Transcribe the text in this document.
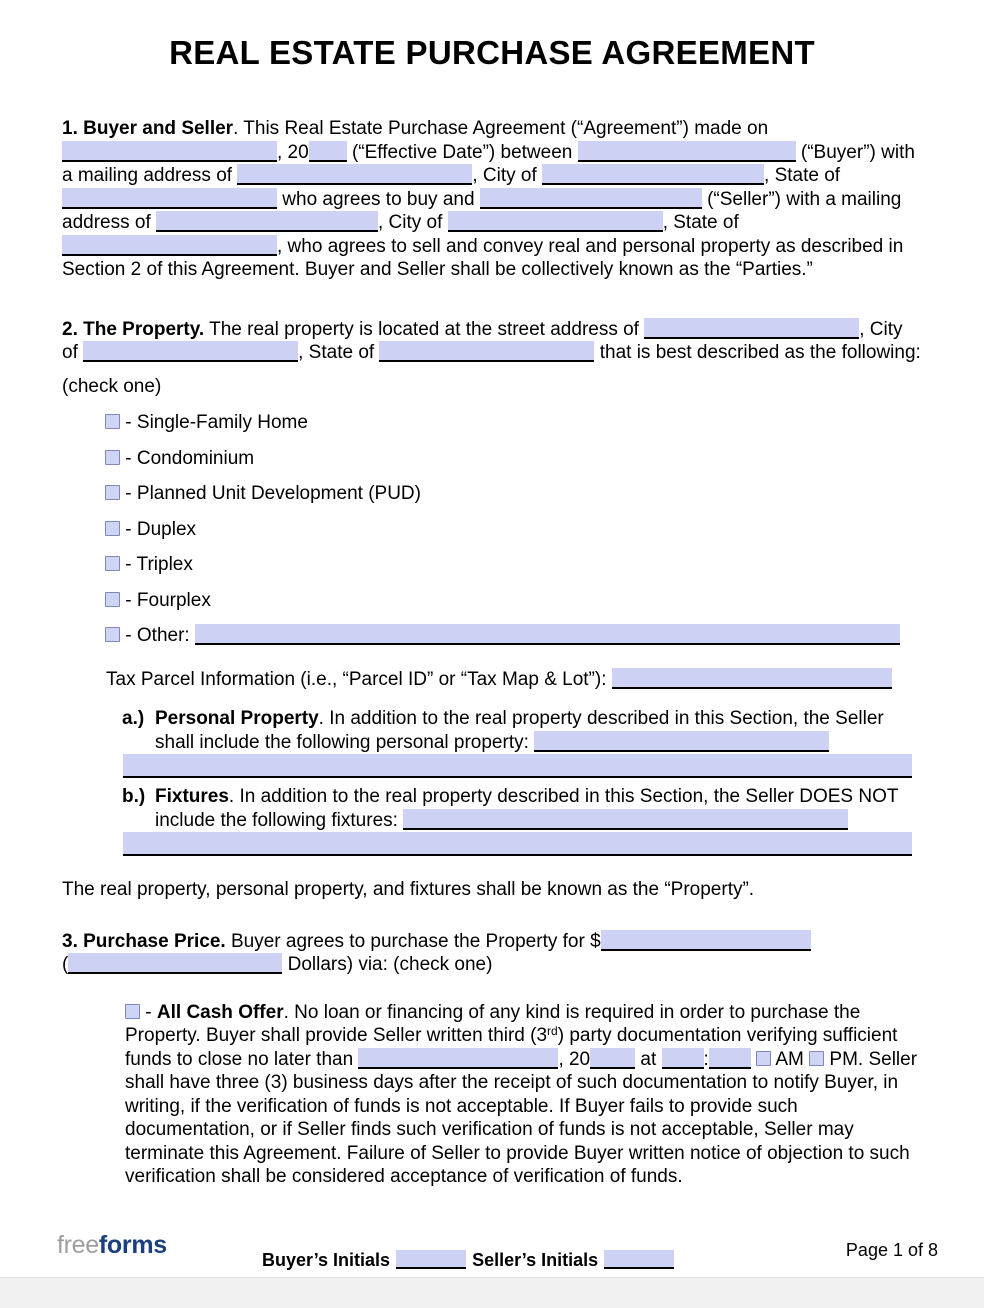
REAL ESTATE PURCHASE AGREEMENT

1. Buyer and Seller. This Real Estate Purchase Agreement (“Agreement”) made on , 20 (“Effective Date”) between	(“Buyer”) with a mailing address of	, City of	, State of  who agrees to buy and	(“Seller”) with a mailing address of	, City of	, State of , who agrees to sell and convey real and personal property as described in Section 2 of this Agreement. Buyer and Seller shall be collectively known as the “Parties.”

2. The Property. The real property is located at the street address of	, City of	, State of	that is best described as the following:

(check one)

- Single-Family Home
- Condominium
- Planned Unit Development (PUD)
- Duplex
- Triplex
- Fourplex
- Other:

Tax Parcel Information (i.e., “Parcel ID” or “Tax Map & Lot”):

a.) Personal Property. In addition to the real property described in this Section, the Seller shall include the following personal property:

b.) Fixtures. In addition to the real property described in this Section, the Seller DOES NOT include the following fixtures:

The real property, personal property, and fixtures shall be known as the “Property”.

3. Purchase Price. Buyer agrees to purchase the Property for $
(	Dollars) via: (check one)

- All Cash Offer. No loan or financing of any kind is required in order to purchase the Property. Buyer shall provide Seller written third (3rd) party documentation verifying sufficient funds to close no later than	, 20 at :	AM  PM. Seller shall have three (3) business days after the receipt of such documentation to notify Buyer, in writing, if the verification of funds is not acceptable. If Buyer fails to provide such documentation, or if Seller finds such verification of funds is not acceptable, Seller may terminate this Agreement. Failure of Seller to provide Buyer written notice of objection to such verification shall be considered acceptance of verification of funds.

freeforms
Buyer’s Initials	Seller’s Initials	Page 1 of 8
